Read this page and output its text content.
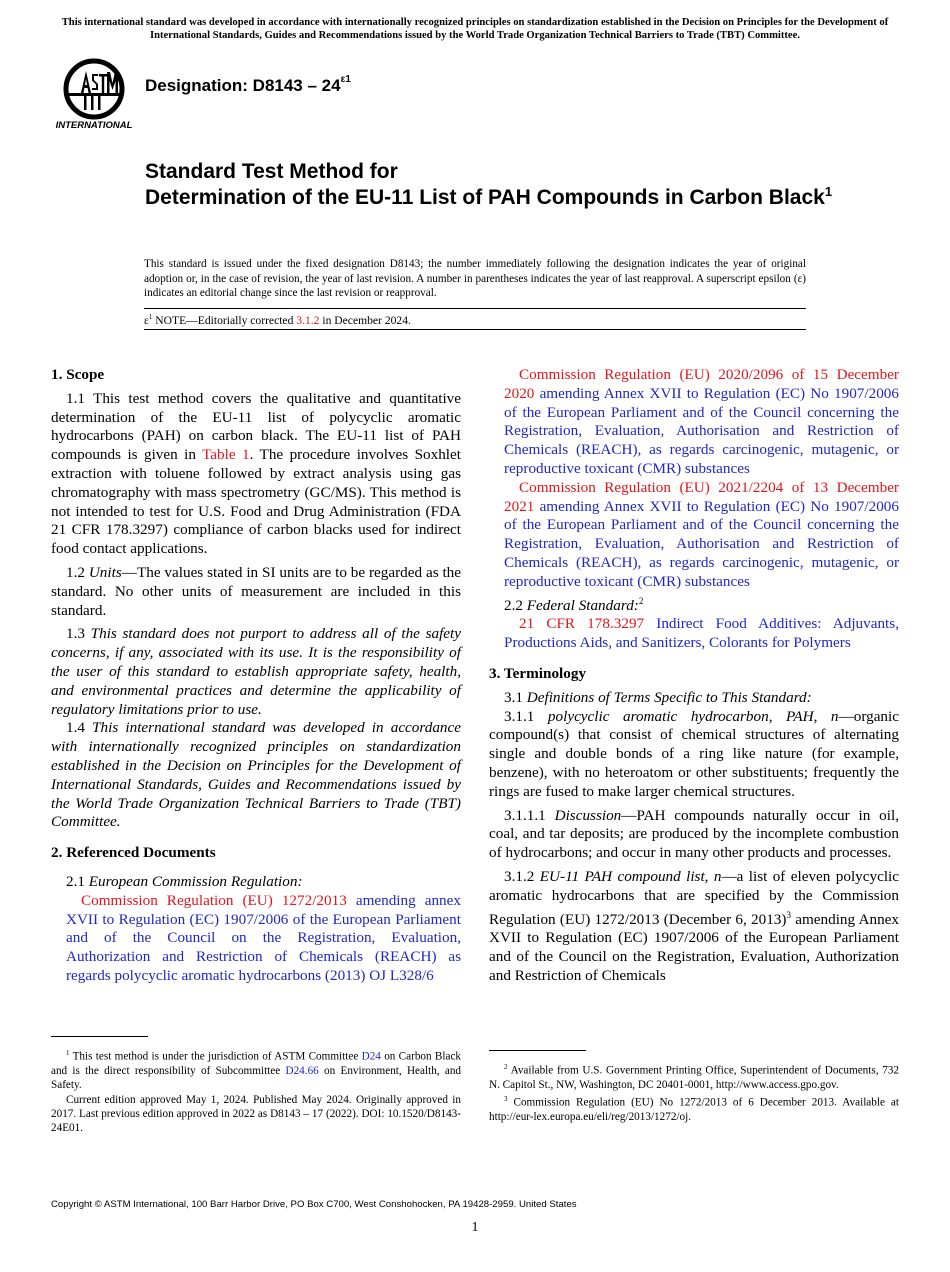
This international standard was developed in accordance with internationally recognized principles on standardization established in the Decision on Principles for the Development of International Standards, Guides and Recommendations issued by the World Trade Organization Technical Barriers to Trade (TBT) Committee.
INTERNATIONAL
Designation: $D8143 - 24^{\varepsilon 1}$
Standard Test Method for
Determination of the EU-11 List of PAH Compounds in Carbon Black$^1$
This standard is issued under the fixed designation D8143; the number immediately following the designation indicates the year of original adoption or, in the case of revision, the year of last revision. A number in parentheses indicates the year of last reapproval. A superscript epsilon (ε) indicates an editorial change since the last revision or reapproval.
$\varepsilon^1$ NOTE—Editorially corrected 3.1.2 in December 2024.
1. Scope

1.1 This test method covers the qualitative and quantitative determination of the EU-11 list of polycyclic aromatic hydrocarbons (PAH) on carbon black. The EU-11 list of PAH compounds is given in Table 1. The procedure involves Soxhlet extraction with toluene followed by extract analysis using gas chromatography with mass spectrometry (GC/MS). This method is not intended to test for U.S. Food and Drug Administration (FDA 21 CFR 178.3297) compliance of carbon blacks used for indirect food contact applications.

1.2 Units—The values stated in SI units are to be regarded as the standard. No other units of measurement are included in this standard.

1.3 This standard does not purport to address all of the safety concerns, if any, associated with its use. It is the responsibility of the user of this standard to establish appropriate safety, health, and environmental practices and determine the applicability of regulatory limitations prior to use.

1.4 This international standard was developed in accordance with internationally recognized principles on standardization established in the Decision on Principles for the Development of International Standards, Guides and Recommendations issued by the World Trade Organization Technical Barriers to Trade (TBT) Committee.

2. Referenced Documents

2.1 European Commission Regulation:

Commission Regulation (EU) 1272/2013 amending annex XVII to Regulation (EC) 1907/2006 of the European Parliament and of the Council on the Registration, Evaluation, Authorization and Restriction of Chemicals (REACH) as regards polycyclic aromatic hydrocarbons (2013) OJ L328/6

Commission Regulation (EU) 2020/2096 of 15 December 2020 amending Annex XVII to Regulation (EC) No 1907/2006 of the European Parliament and of the Council concerning the Registration, Evaluation, Authorisation and Restriction of Chemicals (REACH), as regards carcinogenic, mutagenic, or reproductive toxicant (CMR) substances

Commission Regulation (EU) 2021/2204 of 13 December 2021 amending Annex XVII to Regulation (EC) No 1907/2006 of the European Parliament and of the Council concerning the Registration, Evaluation, Authorisation and Restriction of Chemicals (REACH), as regards carcinogenic, mutagenic, or reproductive toxicant (CMR) substances

2.2 Federal Standard:$^2$

21 CFR 178.3297 Indirect Food Additives: Adjuvants, Productions Aids, and Sanitizers, Colorants for Polymers

3. Terminology

3.1 Definitions of Terms Specific to This Standard:

3.1.1 polycyclic aromatic hydrocarbon, PAH, n—organic compound(s) that consist of chemical structures of alternating single and double bonds of a ring like nature (for example, benzene), with no heteroatom or other substituents; frequently the rings are fused to make larger chemical structures.

3.1.1.1 Discussion—PAH compounds naturally occur in oil, coal, and tar deposits; are produced by the incomplete combustion of hydrocarbons; and occur in many other products and processes.

3.1.2 EU-11 PAH compound list, n—a list of eleven polycyclic aromatic hydrocarbons that are specified by the Commission Regulation (EU) 1272/2013 (December 6, 2013)$^3$ amending Annex XVII to Regulation (EC) 1907/2006 of the European Parliament and of the Council on the Registration, Evaluation, Authorization and Restriction of Chemicals

$^1$ This test method is under the jurisdiction of ASTM Committee D24 on Carbon Black and is the direct responsibility of Subcommittee D24.66 on Environment, Health, and Safety.

Current edition approved May 1, 2024. Published May 2024. Originally approved in 2017. Last previous edition approved in 2022 as D8143 – 17 (2022). DOI: 10.1520/D8143-24E01.

$^2$ Available from U.S. Government Printing Office, Superintendent of Documents, 732 N. Capitol St., NW, Washington, DC 20401-0001, http://www.access.gpo.gov.

$^3$ Commission Regulation (EU) No 1272/2013 of 6 December 2013. Available at http://eur-lex.europa.eu/eli/reg/2013/1272/oj.

Copyright © ASTM International, 100 Barr Harbor Drive, PO Box C700, West Conshohocken, PA 19428-2959. United States
1
